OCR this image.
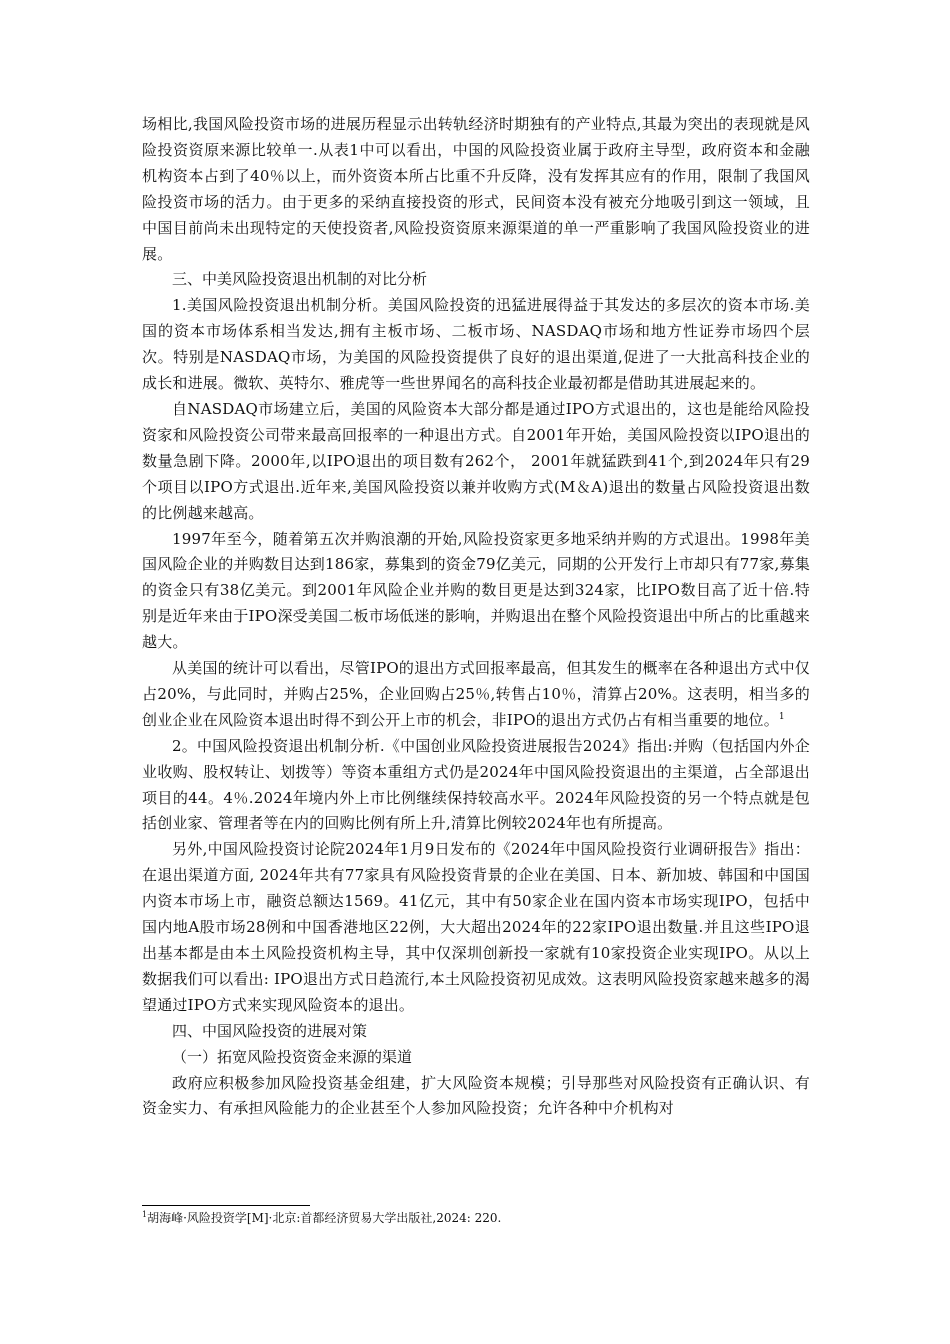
场相比,我国风险投资市场的进展历程显示出转轨经济时期独有的产业特点,其最为突出的表现就是风险投资资原来源比较单一.从表1中可以看出，中国的风险投资业属于政府主导型，政府资本和金融机构资本占到了40％以上，而外资资本所占比重不升反降，没有发挥其应有的作用，限制了我国风险投资市场的活力。由于更多的采纳直接投资的形式，民间资本没有被充分地吸引到这一领域，且中国目前尚未出现特定的天使投资者,风险投资资原来源渠道的单一严重影响了我国风险投资业的进展。

三、中美风险投资退出机制的对比分析

1.美国风险投资退出机制分析。美国风险投资的迅猛进展得益于其发达的多层次的资本市场.美国的资本市场体系相当发达,拥有主板市场、二板市场、NASDAQ市场和地方性证券市场四个层次。特别是NASDAQ市场，为美国的风险投资提供了良好的退出渠道,促进了一大批高科技企业的成长和进展。微软、英特尔、雅虎等一些世界闻名的高科技企业最初都是借助其进展起来的。

自NASDAQ市场建立后，美国的风险资本大部分都是通过IPO方式退出的，这也是能给风险投资家和风险投资公司带来最高回报率的一种退出方式。自2001年开始，美国风险投资以IPO退出的数量急剧下降。2000年,以IPO退出的项目数有262个， 2001年就猛跌到41个,到2024年只有29个项目以IPO方式退出.近年来,美国风险投资以兼并收购方式(M＆A)退出的数量占风险投资退出数的比例越来越高。

1997年至今，随着第五次并购浪潮的开始,风险投资家更多地采纳并购的方式退出。1998年美国风险企业的并购数目达到186家，募集到的资金79亿美元，同期的公开发行上市却只有77家,募集的资金只有38亿美元。到2001年风险企业并购的数目更是达到324家，比IPO数目高了近十倍.特别是近年来由于IPO深受美国二板市场低迷的影响，并购退出在整个风险投资退出中所占的比重越来越大。

从美国的统计可以看出，尽管IPO的退出方式回报率最高，但其发生的概率在各种退出方式中仅占20%，与此同时，并购占25%，企业回购占25％,转售占10％，清算占20%。这表明，相当多的创业企业在风险资本退出时得不到公开上市的机会，非IPO的退出方式仍占有相当重要的地位。$^1$

2。中国风险投资退出机制分析.《中国创业风险投资进展报告2024》指出:并购（包括国内外企业收购、股权转让、划拨等）等资本重组方式仍是2024年中国风险投资退出的主渠道，占全部退出项目的44。4％.2024年境内外上市比例继续保持较高水平。2024年风险投资的另一个特点就是包括创业家、管理者等在内的回购比例有所上升,清算比例较2024年也有所提高。

另外,中国风险投资讨论院2024年1月9日发布的《2024年中国风险投资行业调研报告》指出：在退出渠道方面, 2024年共有77家具有风险投资背景的企业在美国、日本、新加坡、韩国和中国国内资本市场上市，融资总额达1569。41亿元，其中有50家企业在国内资本市场实现IPO，包括中国内地A股市场28例和中国香港地区22例，大大超出2024年的22家IPO退出数量.并且这些IPO退出基本都是由本土风险投资机构主导，其中仅深圳创新投一家就有10家投资企业实现IPO。从以上数据我们可以看出: IPO退出方式日趋流行,本土风险投资初见成效。这表明风险投资家越来越多的渴望通过IPO方式来实现风险资本的退出。

四、中国风险投资的进展对策

（一）拓宽风险投资资金来源的渠道

政府应积极参加风险投资基金组建，扩大风险资本规模；引导那些对风险投资有正确认识、有资金实力、有承担风险能力的企业甚至个人参加风险投资；允许各种中介机构对

$^1$胡海峰·风险投资学[M]·北京:首都经济贸易大学出版社,2024: 220.
